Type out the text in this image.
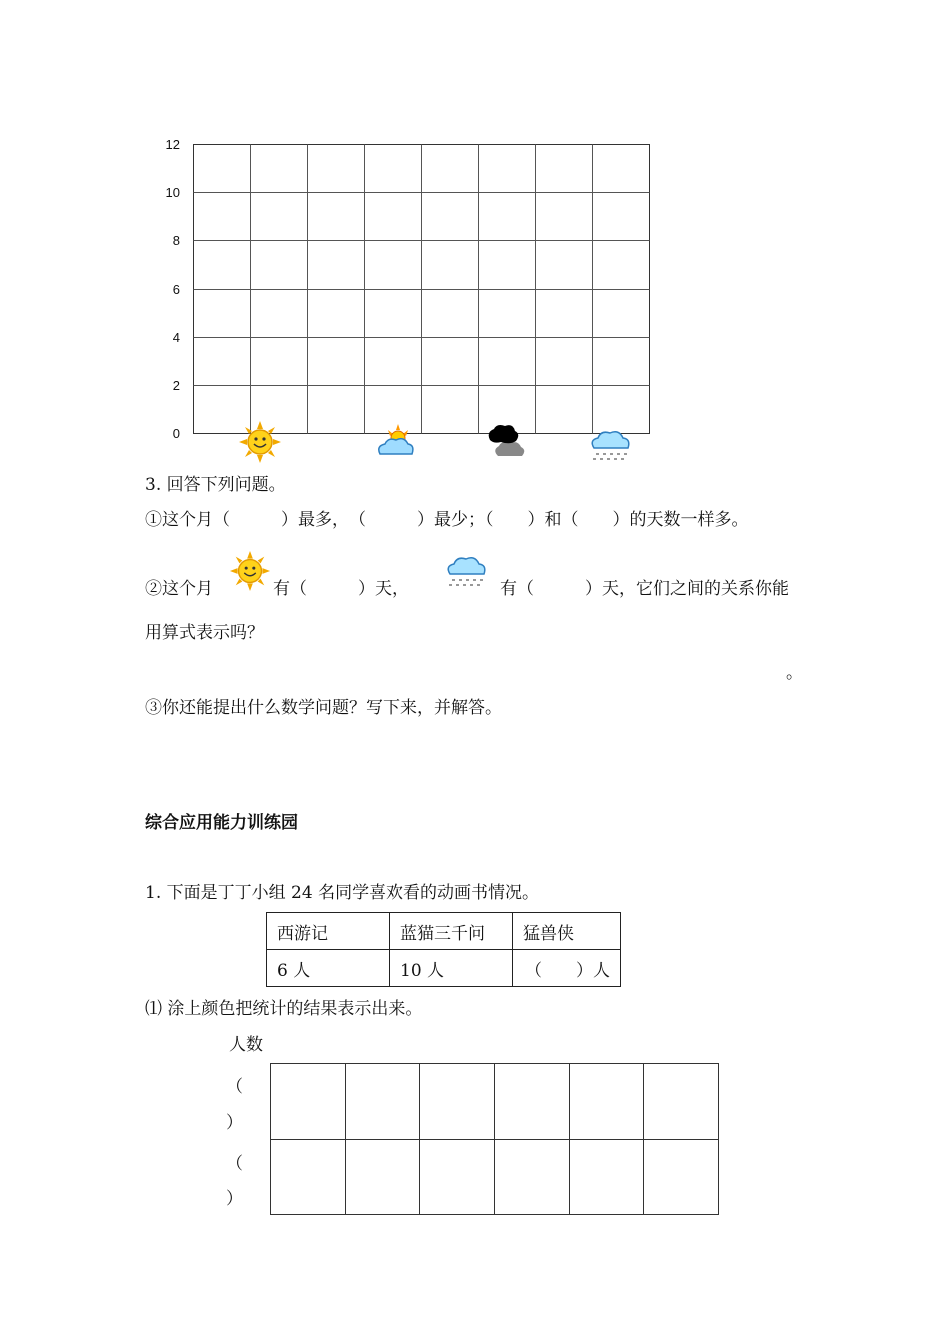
12
10
8
6
4
2
0
3. 回答下列问题。
①这个月（　　　）最多，　（　　　）最少；（　　）和（　　）的天数一样多。
②这个月	有（　　　）天，	有（　　　）天，它们之间的关系你能
用算式表示吗？
。
③你还能提出什么数学问题？写下来，并解答。
综合应用能力训练园
1. 下面是丁丁小组 24 名同学喜欢看的动画书情况。
西游记	蓝猫三千问	猛兽侠
6 人	10 人	（　　）人
⑴ 涂上颜色把统计的结果表示出来。
人数
（
）
（
）
